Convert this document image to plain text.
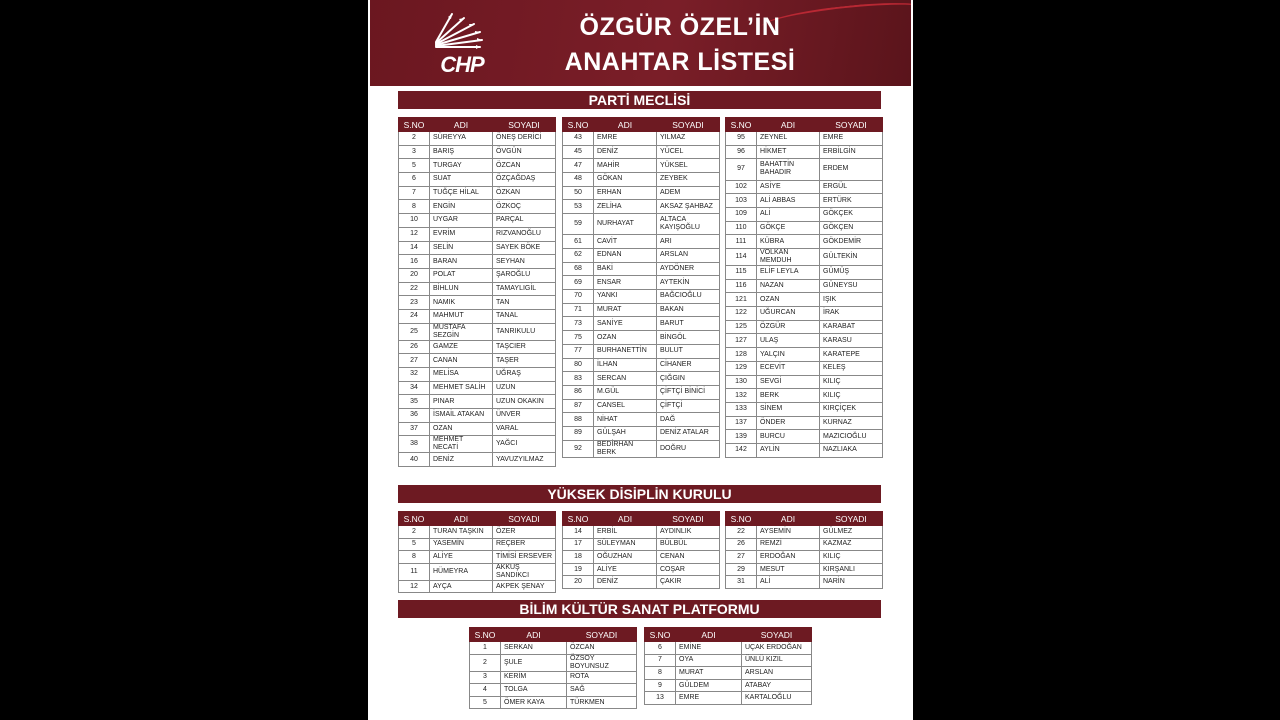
CHP
ÖZGÜR ÖZEL’İN
ANAHTAR LİSTESİ
PARTİ MECLİSİ
YÜKSEK DİSİPLİN KURULU
BİLİM KÜLTÜR SANAT PLATFORMU
S.NO	ADI	SOYADI
2	SÜREYYA	ÖNEŞ DERİCİ
3	BARIŞ	ÖVGÜN
5	TURGAY	ÖZCAN
6	SUAT	ÖZÇAĞDAŞ
7	TUĞÇE HİLAL	ÖZKAN
8	ENGİN	ÖZKOÇ
10	UYGAR	PARÇAL
12	EVRİM	RIZVANOĞLU
14	SELİN	SAYEK BÖKE
16	BARAN	SEYHAN
20	POLAT	ŞAROĞLU
22	BİHLUN	TAMAYLIGİL
23	NAMIK	TAN
24	MAHMUT	TANAL
25	MUSTAFA SEZGİN	TANRIKULU
26	GAMZE	TAŞCIER
27	CANAN	TAŞER
32	MELİSA	UĞRAŞ
34	MEHMET SALİH	UZUN
35	PINAR	UZUN OKAKIN
36	İSMAİL ATAKAN	ÜNVER
37	OZAN	VARAL
38	MEHMET NECATİ	YAĞCI
40	DENİZ	YAVUZYILMAZ
S.NO	ADI	SOYADI
43	EMRE	YILMAZ
45	DENİZ	YÜCEL
47	MAHİR	YÜKSEL
48	GÖKAN	ZEYBEK
50	ERHAN	ADEM
53	ZELİHA	AKSAZ ŞAHBAZ
59	NURHAYAT	ALTACA KAYIŞOĞLU
61	CAVİT	ARI
62	EDNAN	ARSLAN
68	BAKİ	AYDÖNER
69	ENSAR	AYTEKİN
70	YANKI	BAĞCIOĞLU
71	MURAT	BAKAN
73	SANİYE	BARUT
75	OZAN	BİNGÖL
77	BURHANETTİN	BULUT
80	İLHAN	CİHANER
83	SERCAN	ÇIĞGIN
86	M.GÜL	ÇİFTÇİ BİNİCİ
87	CANSEL	ÇİFTÇİ
88	NİHAT	DAĞ
89	GÜLŞAH	DENİZ ATALAR
92	BEDİRHAN BERK	DOĞRU
S.NO	ADI	SOYADI
95	ZEYNEL	EMRE
96	HİKMET	ERBİLGİN
97	BAHATTİN BAHADIR	ERDEM
102	ASİYE	ERGÜL
103	ALİ ABBAS	ERTÜRK
109	ALİ	GÖKÇEK
110	GÖKÇE	GÖKÇEN
111	KÜBRA	GÖKDEMİR
114	VOLKAN MEMDUH	GÜLTEKİN
115	ELİF LEYLA	GÜMÜŞ
116	NAZAN	GÜNEYSU
121	OZAN	IŞIK
122	UĞURCAN	İRAK
125	ÖZGÜR	KARABAT
127	ULAŞ	KARASU
128	YALÇIN	KARATEPE
129	ECEVİT	KELEŞ
130	SEVGİ	KILIÇ
132	BERK	KILIÇ
133	SİNEM	KIRÇİÇEK
137	ÖNDER	KURNAZ
139	BURCU	MAZICIOĞLU
142	AYLİN	NAZLIAKA
S.NO	ADI	SOYADI
2	TURAN TAŞKIN	ÖZER
5	YASEMİN	REÇBER
8	ALİYE	TİMİSİ ERSEVER
11	HÜMEYRA	AKKUŞ SANDIKCI
12	AYÇA	AKPEK ŞENAY
S.NO	ADI	SOYADI
14	ERBİL	AYDINLIK
17	SÜLEYMAN	BÜLBÜL
18	OĞUZHAN	CENAN
19	ALİYE	COŞAR
20	DENİZ	ÇAKIR
S.NO	ADI	SOYADI
22	AYSEMİN	GÜLMEZ
26	REMZİ	KAZMAZ
27	ERDOĞAN	KILIÇ
29	MESUT	KIRŞANLI
31	ALİ	NARİN
S.NO	ADI	SOYADI
1	SERKAN	ÖZCAN
2	ŞULE	ÖZSOY BOYUNSUZ
3	KERİM	ROTA
4	TOLGA	SAĞ
5	ÖMER KAYA	TÜRKMEN
S.NO	ADI	SOYADI
6	EMİNE	UÇAK ERDOĞAN
7	OYA	ÜNLÜ KIZIL
8	MURAT	ARSLAN
9	GÜLDEM	ATABAY
13	EMRE	KARTALOĞLU
